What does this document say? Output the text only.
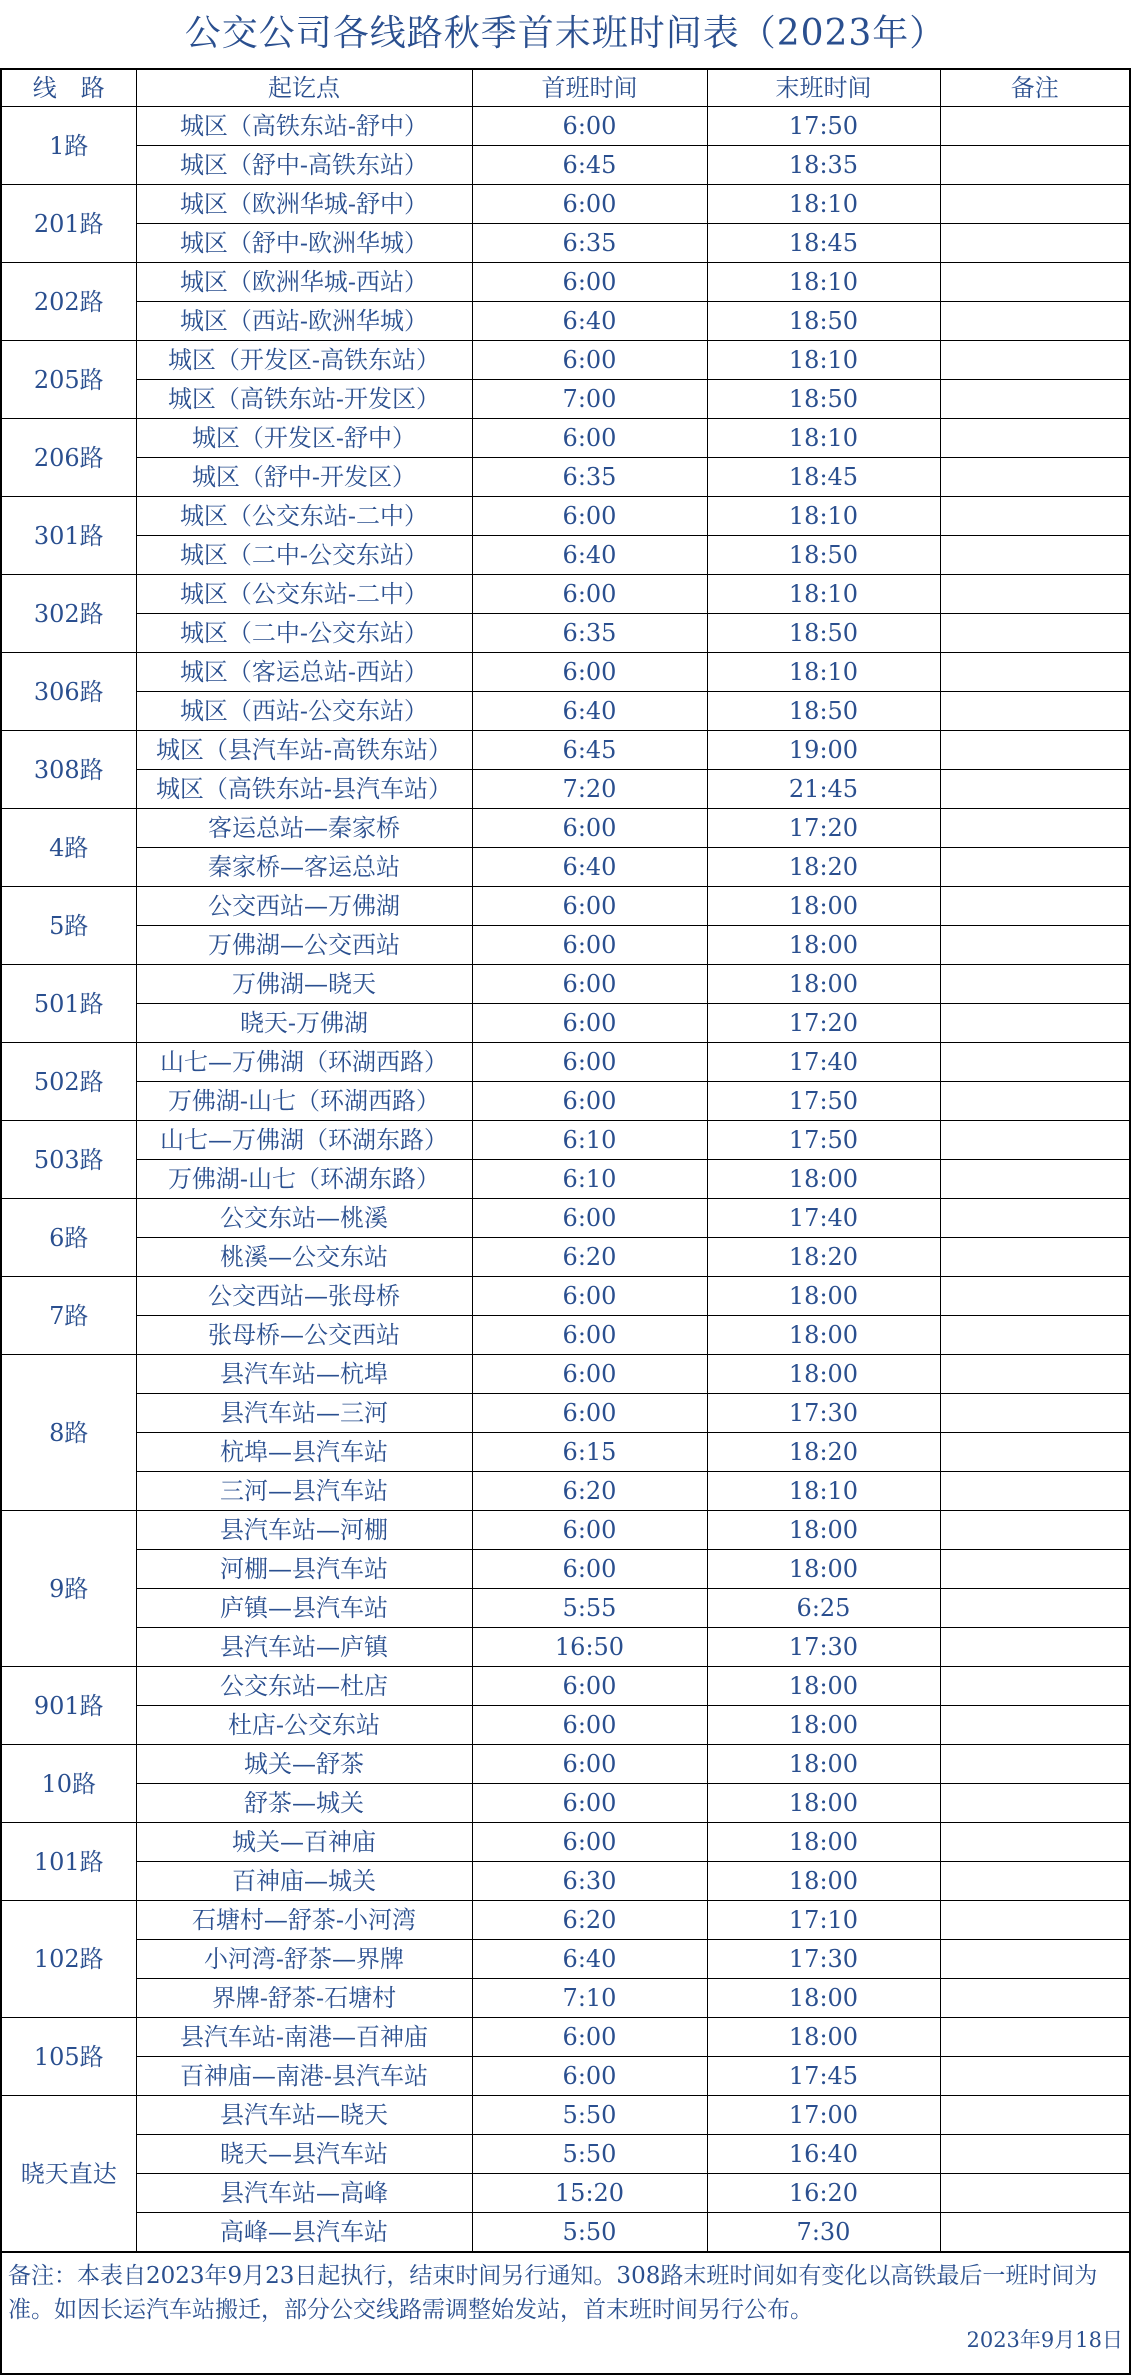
公交公司各线路秋季首末班时间表（2023年）
线　路	起讫点	首班时间	末班时间	备注
1路	城区（高铁东站-舒中）	6:00	17:50	
	城区（舒中-高铁东站）	6:45	18:35	
201路	城区（欧洲华城-舒中）	6:00	18:10	
	城区（舒中-欧洲华城）	6:35	18:45	
202路	城区（欧洲华城-西站）	6:00	18:10	
	城区（西站-欧洲华城）	6:40	18:50	
205路	城区（开发区-高铁东站）	6:00	18:10	
	城区（高铁东站-开发区）	7:00	18:50	
206路	城区（开发区-舒中）	6:00	18:10	
	城区（舒中-开发区）	6:35	18:45	
301路	城区（公交东站-二中）	6:00	18:10	
	城区（二中-公交东站）	6:40	18:50	
302路	城区（公交东站-二中）	6:00	18:10	
	城区（二中-公交东站）	6:35	18:50	
306路	城区（客运总站-西站）	6:00	18:10	
	城区（西站-公交东站）	6:40	18:50	
308路	城区（县汽车站-高铁东站）	6:45	19:00	
	城区（高铁东站-县汽车站）	7:20	21:45	
4路	客运总站—秦家桥	6:00	17:20	
	秦家桥—客运总站	6:40	18:20	
5路	公交西站—万佛湖	6:00	18:00	
	万佛湖—公交西站	6:00	18:00	
501路	万佛湖—晓天	6:00	18:00	
	晓天-万佛湖	6:00	17:20	
502路	山七—万佛湖（环湖西路）	6:00	17:40	
	万佛湖-山七（环湖西路）	6:00	17:50	
503路	山七—万佛湖（环湖东路）	6:10	17:50	
	万佛湖-山七（环湖东路）	6:10	18:00	
6路	公交东站—桃溪	6:00	17:40	
	桃溪—公交东站	6:20	18:20	
7路	公交西站—张母桥	6:00	18:00	
	张母桥—公交西站	6:00	18:00	
8路	县汽车站—杭埠	6:00	18:00	
	县汽车站—三河	6:00	17:30	
	杭埠—县汽车站	6:15	18:20	
	三河—县汽车站	6:20	18:10	
9路	县汽车站—河棚	6:00	18:00	
	河棚—县汽车站	6:00	18:00	
	庐镇—县汽车站	5:55	6:25	
	县汽车站—庐镇	16:50	17:30	
901路	公交东站—杜店	6:00	18:00	
	杜店-公交东站	6:00	18:00	
10路	城关—舒茶	6:00	18:00	
	舒茶—城关	6:00	18:00	
101路	城关—百神庙	6:00	18:00	
	百神庙—城关	6:30	18:00	
102路	石塘村—舒茶-小河湾	6:20	17:10	
	小河湾-舒茶—界牌	6:40	17:30	
	界牌-舒茶-石塘村	7:10	18:00	
105路	县汽车站-南港—百神庙	6:00	18:00	
	百神庙—南港-县汽车站	6:00	17:45	
晓天直达	县汽车站—晓天	5:50	17:00	
	晓天—县汽车站	5:50	16:40	
	县汽车站—高峰	15:20	16:20	
	高峰—县汽车站	5:50	7:30	
备注：本表自2023年9月23日起执行，结束时间另行通知。308路末班时间如有变化以高铁最后一班时间为准。如因长运汽车站搬迁，部分公交线路需调整始发站，首末班时间另行公布。
2023年9月18日
